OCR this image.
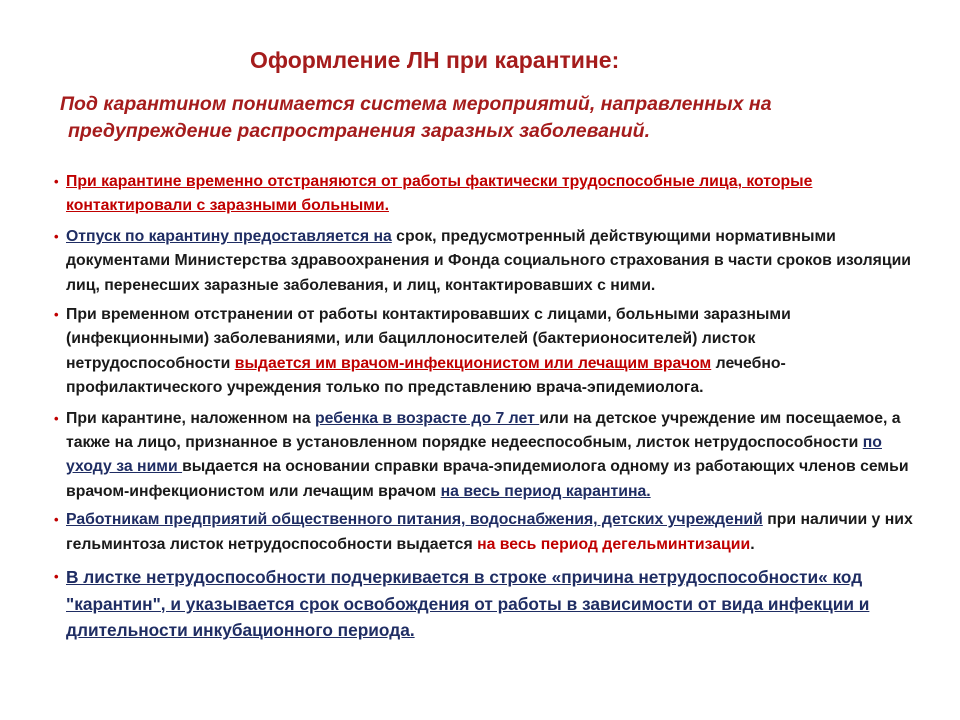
Оформление ЛН при карантине:
Под карантином понимается система мероприятий, направленных на
предупреждение распространения заразных заболеваний.
• При карантине временно отстраняются от работы фактически трудоспособные лица, которые контактировали с заразными больными.
• Отпуск по карантину предоставляется на срок, предусмотренный действующими нормативными документами Министерства здравоохранения и Фонда социального страхования в части сроков изоляции лиц, перенесших заразные заболевания, и лиц, контактировавших с ними.
• При временном отстранении от работы контактировавших с лицами, больными заразными (инфекционными) заболеваниями, или бациллоносителей (бактерионосителей) листок нетрудоспособности выдается им врачом-инфекционистом или лечащим врачом лечебно-профилактического учреждения только по представлению врача-эпидемиолога.
• При карантине, наложенном на ребенка в возрасте до 7 лет или на детское учреждение им посещаемое, а также на лицо, признанное в установленном порядке недееспособным, листок нетрудоспособности по уходу за ними выдается на основании справки врача-эпидемиолога одному из работающих членов семьи врачом-инфекционистом или лечащим врачом на весь период карантина.
• Работникам предприятий общественного питания, водоснабжения, детских учреждений при наличии у них гельминтоза листок нетрудоспособности выдается на весь период дегельминтизации.
• В листке нетрудоспособности подчеркивается в строке «причина нетрудоспособности« код "карантин", и указывается срок освобождения от работы в зависимости от вида инфекции и длительности инкубационного периода.
